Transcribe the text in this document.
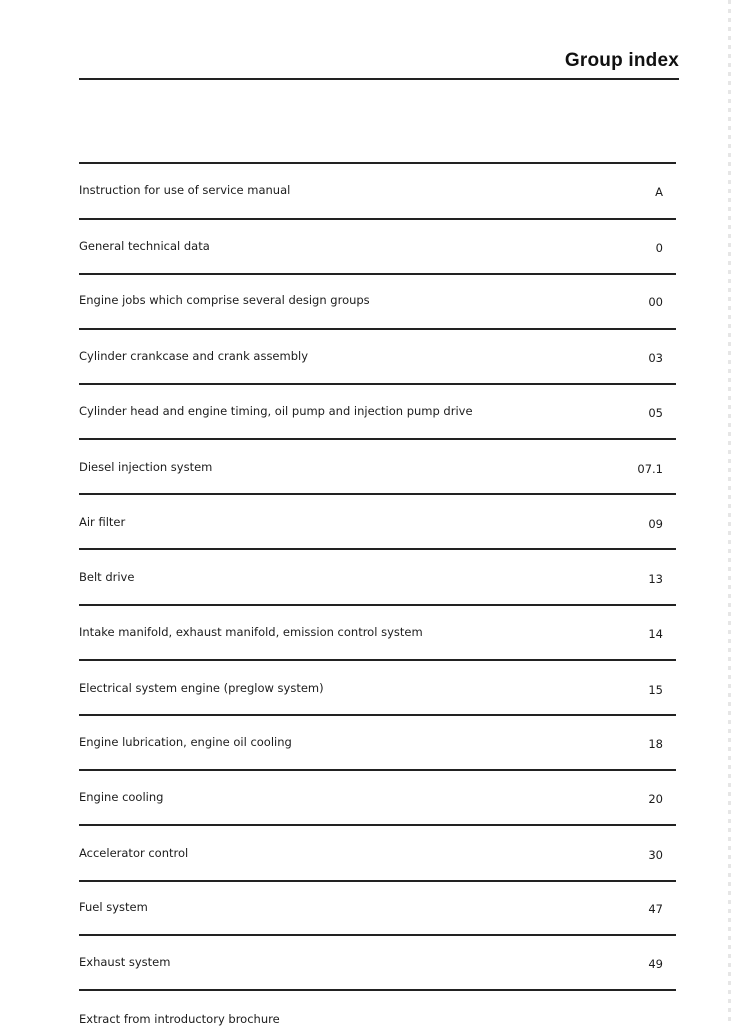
Group index
Instruction for use of service manual	A
General technical data	0
Engine jobs which comprise several design groups	00
Cylinder crankcase and crank assembly	03
Cylinder head and engine timing, oil pump and injection pump drive	05
Diesel injection system	07.1
Air filter	09
Belt drive	13
Intake manifold, exhaust manifold, emission control system	14
Electrical system engine (preglow system)	15
Engine lubrication, engine oil cooling	18
Engine cooling	20
Accelerator control	30
Fuel system	47
Exhaust system	49
Extract from introductory brochure
